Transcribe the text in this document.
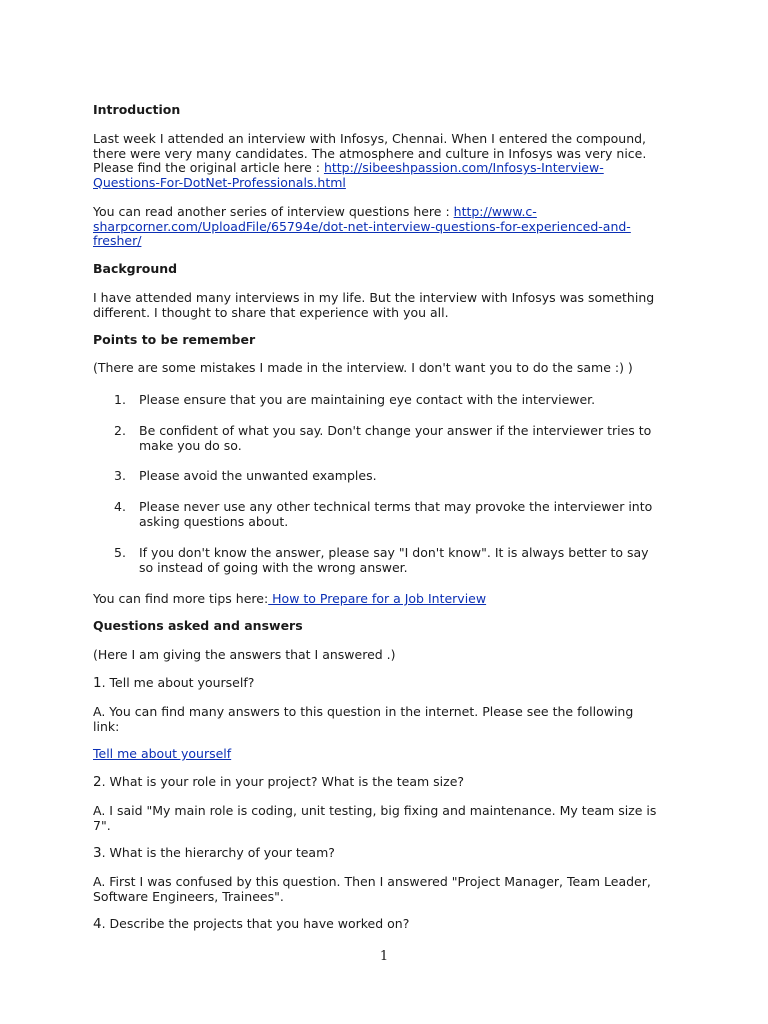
Introduction

Last week I attended an interview with Infosys, Chennai. When I entered the compound,
there were very many candidates. The atmosphere and culture in Infosys was very nice.
Please find the original article here : http://sibeeshpassion.com/Infosys-Interview-
Questions-For-DotNet-Professionals.html

You can read another series of interview questions here : http://www.c-
sharpcorner.com/UploadFile/65794e/dot-net-interview-questions-for-experienced-and-
fresher/

Background

I have attended many interviews in my life. But the interview with Infosys was something
different. I thought to share that experience with you all.

Points to be remember

(There are some mistakes I made in the interview. I don't want you to do the same :) )

1. Please ensure that you are maintaining eye contact with the interviewer.

2. Be confident of what you say. Don't change your answer if the interviewer tries to
make you do so.

3. Please avoid the unwanted examples.

4. Please never use any other technical terms that may provoke the interviewer into
asking questions about.

5. If you don't know the answer, please say "I don't know". It is always better to say
so instead of going with the wrong answer.

You can find more tips here: How to Prepare for a Job Interview

Questions asked and answers

(Here I am giving the answers that I answered .)

1. Tell me about yourself?

A. You can find many answers to this question in the internet. Please see the following
link:

Tell me about yourself

2. What is your role in your project? What is the team size?

A. I said "My main role is coding, unit testing, big fixing and maintenance. My team size is
7".

3. What is the hierarchy of your team?

A. First I was confused by this question. Then I answered "Project Manager, Team Leader,
Software Engineers, Trainees".

4. Describe the projects that you have worked on?

1
